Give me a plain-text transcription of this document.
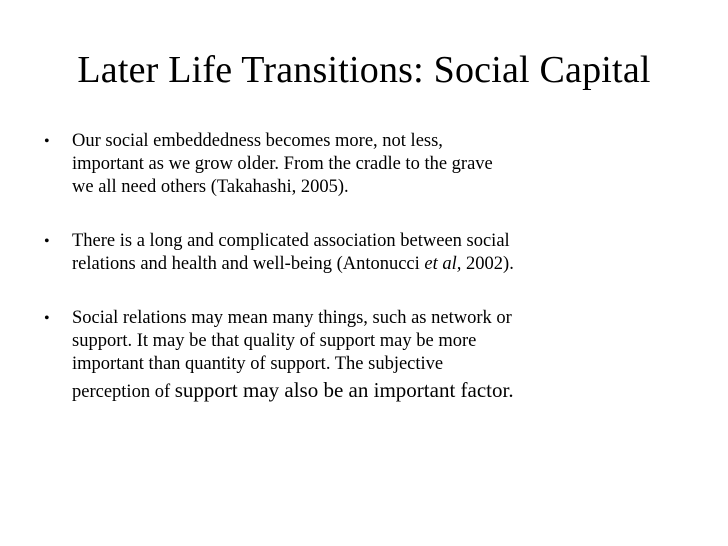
Later Life Transitions: Social Capital
• Our social embeddedness becomes more, not less, important as we grow older. From the cradle to the grave we all need others (Takahashi, 2005).
• There is a long and complicated association between social relations and health and well-being (Antonucci et al, 2002).
• Social relations may mean many things, such as network or support. It may be that quality of support may be more important than quantity of support. The subjective perception of support may also be an important factor.
